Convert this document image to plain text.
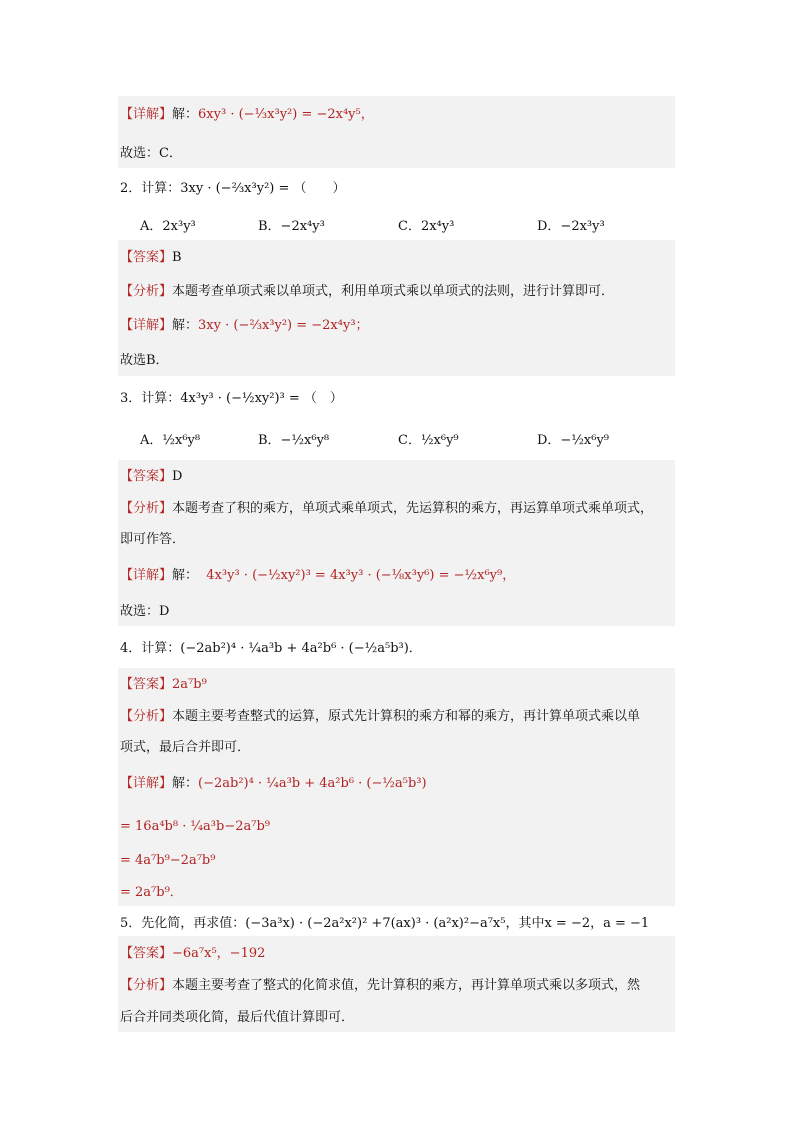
【详解】解：6xy³ · (−⅓x³y²) = −2x⁴y⁵，
故选：C．
2．计算：3xy · (−⅔x³y²) = （　　）
A．2x³y³	B．−2x⁴y³	C．2x⁴y³	D．−2x³y³
【答案】B
【分析】本题考查单项式乘以单项式，利用单项式乘以单项式的法则，进行计算即可．
【详解】解：3xy · (−⅔x³y²) = −2x⁴y³；
故选B．
3．计算：4x³y³ · (−½xy²)³ = （　）
A．½x⁶y⁸	B．−½x⁶y⁸	C．½x⁶y⁹	D．−½x⁶y⁹
【答案】D
【分析】本题考查了积的乘方，单项式乘单项式，先运算积的乘方，再运算单项式乘单项式，
即可作答．
【详解】解： 4x³y³ · (−½xy²)³ = 4x³y³ · (−⅛x³y⁶) = −½x⁶y⁹，
故选：D
4．计算：(−2ab²)⁴ · ¼a³b + 4a²b⁶ · (−½a⁵b³)．
【答案】2a⁷b⁹
【分析】本题主要考查整式的运算，原式先计算积的乘方和幂的乘方，再计算单项式乘以单
项式，最后合并即可．
【详解】解：(−2ab²)⁴ · ¼a³b + 4a²b⁶ · (−½a⁵b³)
= 16a⁴b⁸ · ¼a³b−2a⁷b⁹
= 4a⁷b⁹−2a⁷b⁹
= 2a⁷b⁹．
5．先化简，再求值：(−3a³x) · (−2a²x²)² +7(ax)³ · (a²x)²−a⁷x⁵，其中x = −2，a = −1
【答案】−6a⁷x⁵，−192
【分析】本题主要考查了整式的化简求值，先计算积的乘方，再计算单项式乘以多项式，然
后合并同类项化简，最后代值计算即可．
